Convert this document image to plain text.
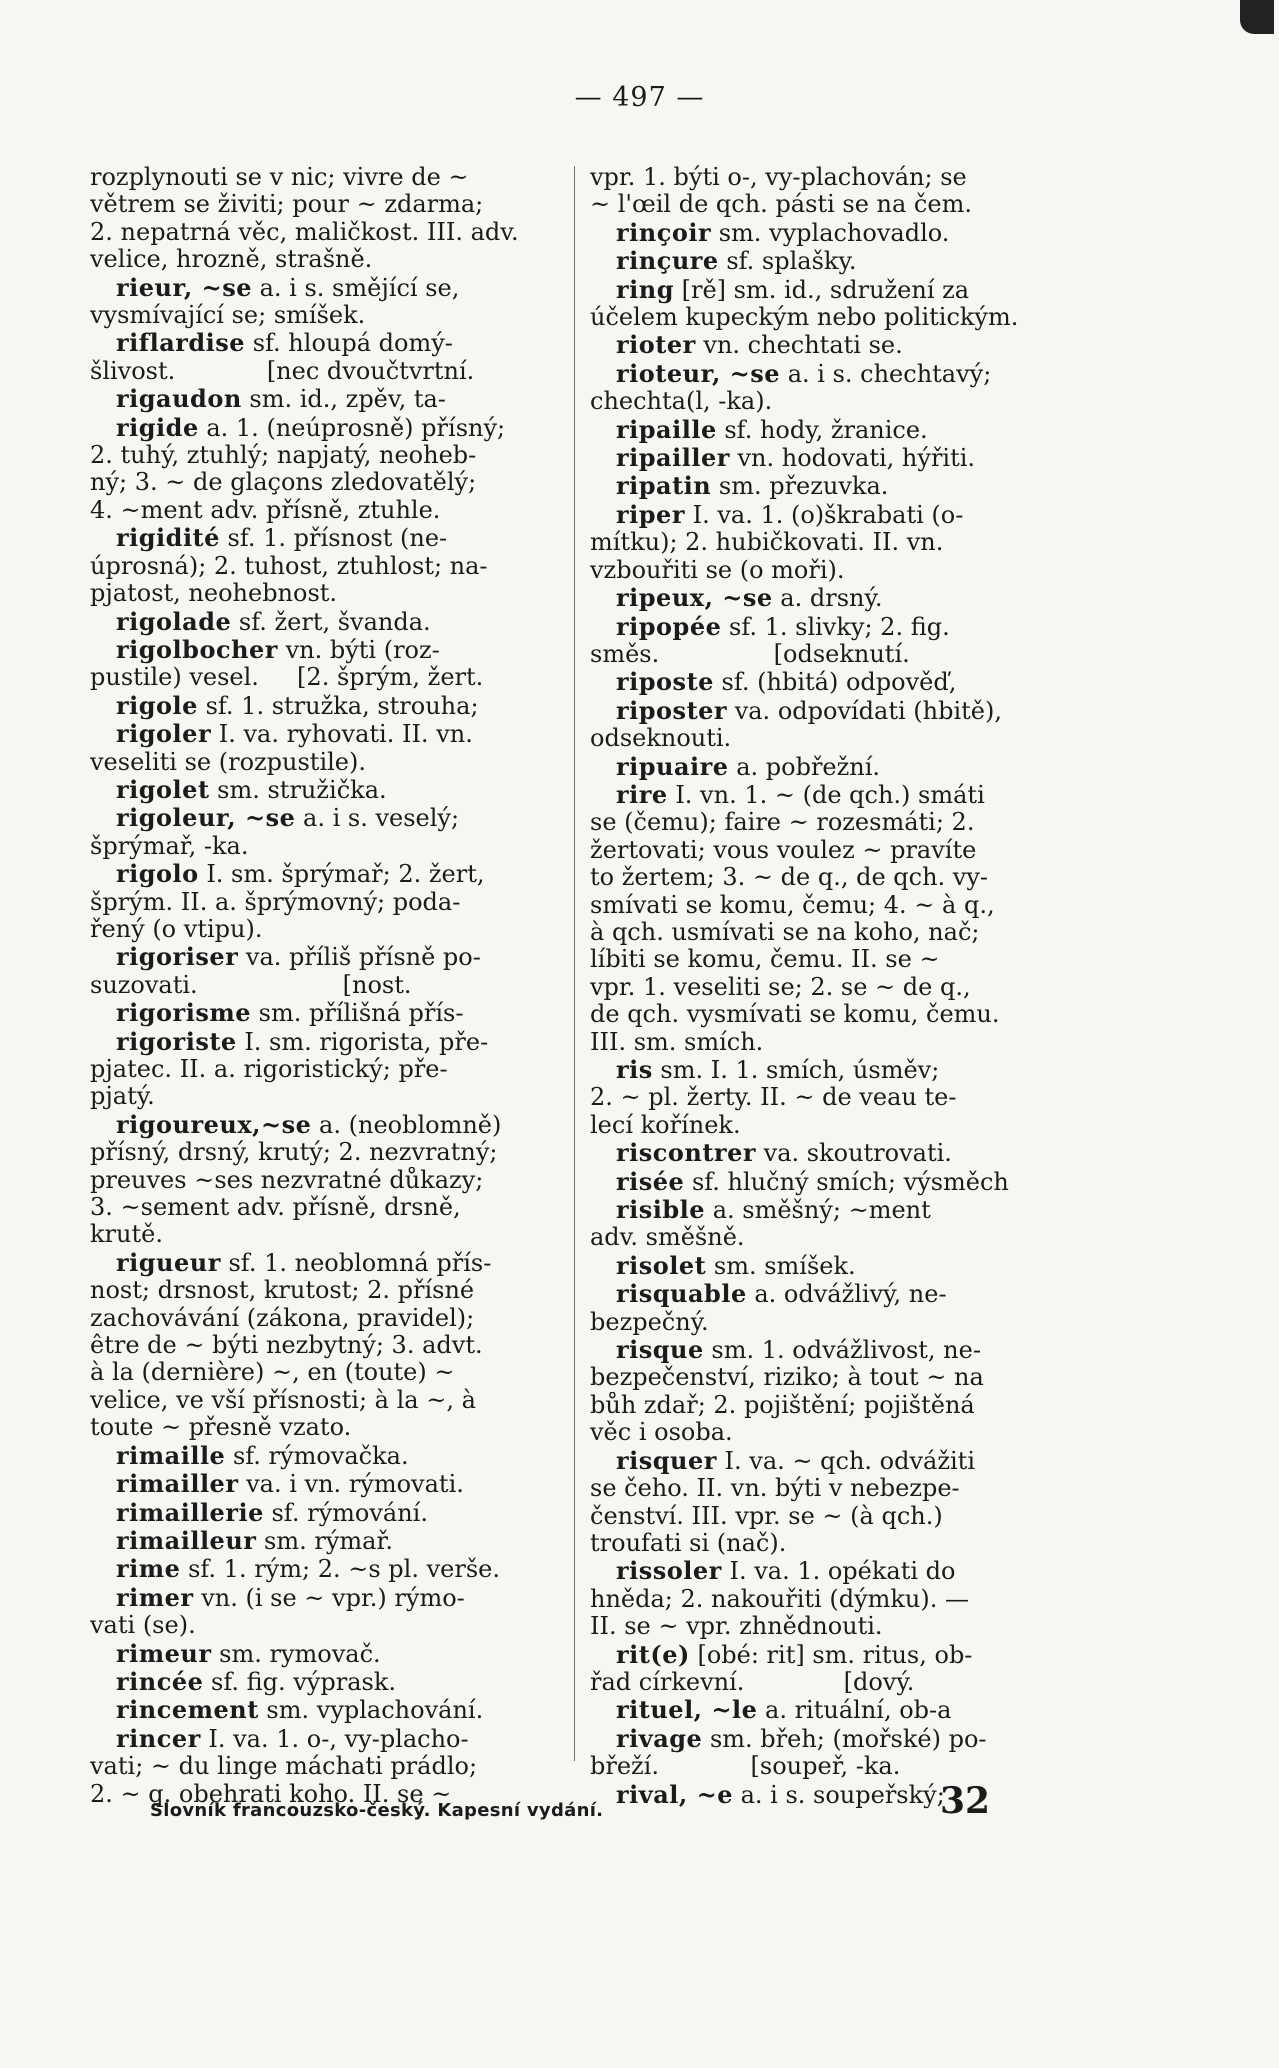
— 497 —
rozplynouti se v nic; vivre de ~
větrem se živiti; pour ~ zdarma;
2. nepatrná věc, maličkost. III. adv.
velice, hrozně, strašně.
rieur, ~se a. i s. smějící se,
vysmívající se; smíšek.
riflardise sf. hloupá domý-
šlivost.            [nec dvoučtvrtní.
rigaudon sm. id., zpěv, ta-
rigide a. 1. (neúprosně) přísný;
2. tuhý, ztuhlý; napjatý, neoheb-
ný; 3. ~ de glaçons zledovatělý;
4. ~ment adv. přísně, ztuhle.
rigidité sf. 1. přísnost (ne-
úprosná); 2. tuhost, ztuhlost; na-
pjatost, neohebnost.
rigolade sf. žert, švanda.
rigolbocher vn. býti (roz-
pustile) vesel.     [2. šprým, žert.
rigole sf. 1. stružka, strouha;
rigoler I. va. ryhovati. II. vn.
veseliti se (rozpustile).
rigolet sm. stružička.
rigoleur, ~se a. i s. veselý;
šprýmař, -ka.
rigolo I. sm. šprýmař; 2. žert,
šprým. II. a. šprýmovný; poda-
řený (o vtipu).
rigoriser va. příliš přísně po-
suzovati.                   [nost.
rigorisme sm. přílišná přís-
rigoriste I. sm. rigorista, pře-
pjatec. II. a. rigoristický; pře-
pjatý.
rigoureux,~se a. (neoblomně)
přísný, drsný, krutý; 2. nezvratný;
preuves ~ses nezvratné důkazy;
3. ~sement adv. přísně, drsně,
krutě.
rigueur sf. 1. neoblomná přís-
nost; drsnost, krutost; 2. přísné
zachovávání (zákona, pravidel);
être de ~ býti nezbytný; 3. advt.
à la (dernière) ~, en (toute) ~
velice, ve vší přísnosti; à la ~, à
toute ~ přesně vzato.
rimaille sf. rýmovačka.
rimailler va. i vn. rýmovati.
rimaillerie sf. rýmování.
rimailleur sm. rýmař.
rime sf. 1. rým; 2. ~s pl. verše.
rimer vn. (i se ~ vpr.) rýmo-
vati (se).
rimeur sm. rymovač.
rincée sf. fig. výprask.
rincement sm. vyplachování.
rincer I. va. 1. o-, vy-placho-
vati; ~ du linge máchati prádlo;
2. ~ q. obehrati koho. II. se ~
vpr. 1. býti o-, vy-plachován; se
~ l'œil de qch. pásti se na čem.
rinçoir sm. vyplachovadlo.
rinçure sf. splašky.
ring [rě] sm. id., sdružení za
účelem kupeckým nebo politickým.
rioter vn. chechtati se.
rioteur, ~se a. i s. chechtavý;
chechta(l, -ka).
ripaille sf. hody, žranice.
ripailler vn. hodovati, hýřiti.
ripatin sm. přezuvka.
riper I. va. 1. (o)škrabati (o-
mítku); 2. hubičkovati. II. vn.
vzbouřiti se (o moři).
ripeux, ~se a. drsný.
ripopée sf. 1. slivky; 2. fig.
směs.               [odseknutí.
riposte sf. (hbitá) odpověď,
riposter va. odpovídati (hbitě),
odseknouti.
ripuaire a. pobřežní.
rire I. vn. 1. ~ (de qch.) smáti
se (čemu); faire ~ rozesmáti; 2.
žertovati; vous voulez ~ pravíte
to žertem; 3. ~ de q., de qch. vy-
smívati se komu, čemu; 4. ~ à q.,
à qch. usmívati se na koho, nač;
líbiti se komu, čemu. II. se ~
vpr. 1. veseliti se; 2. se ~ de q.,
de qch. vysmívati se komu, čemu.
III. sm. smích.
ris sm. I. 1. smích, úsměv;
2. ~ pl. žerty. II. ~ de veau te-
lecí kořínek.
riscontrer va. skoutrovati.
risée sf. hlučný smích; výsměch
risible a. směšný; ~ment
adv. směšně.
risolet sm. smíšek.
risquable a. odvážlivý, ne-
bezpečný.
risque sm. 1. odvážlivost, ne-
bezpečenství, riziko; à tout ~ na
bůh zdař; 2. pojištění; pojištěná
věc i osoba.
risquer I. va. ~ qch. odvážiti
se čeho. II. vn. býti v nebezpe-
čenství. III. vpr. se ~ (à qch.)
troufati si (nač).
rissoler I. va. 1. opékati do
hněda; 2. nakouřiti (dýmku). —
II. se ~ vpr. zhnědnouti.
rit(e) [obé: rit] sm. ritus, ob-
řad církevní.             [dový.
rituel, ~le a. rituální, ob-a
rivage sm. břeh; (mořské) po-
břeží.            [soupeř, -ka.
rival, ~e a. i s. soupeřský;
Slovník francouzsko-český. Kapesní vydání.	32
